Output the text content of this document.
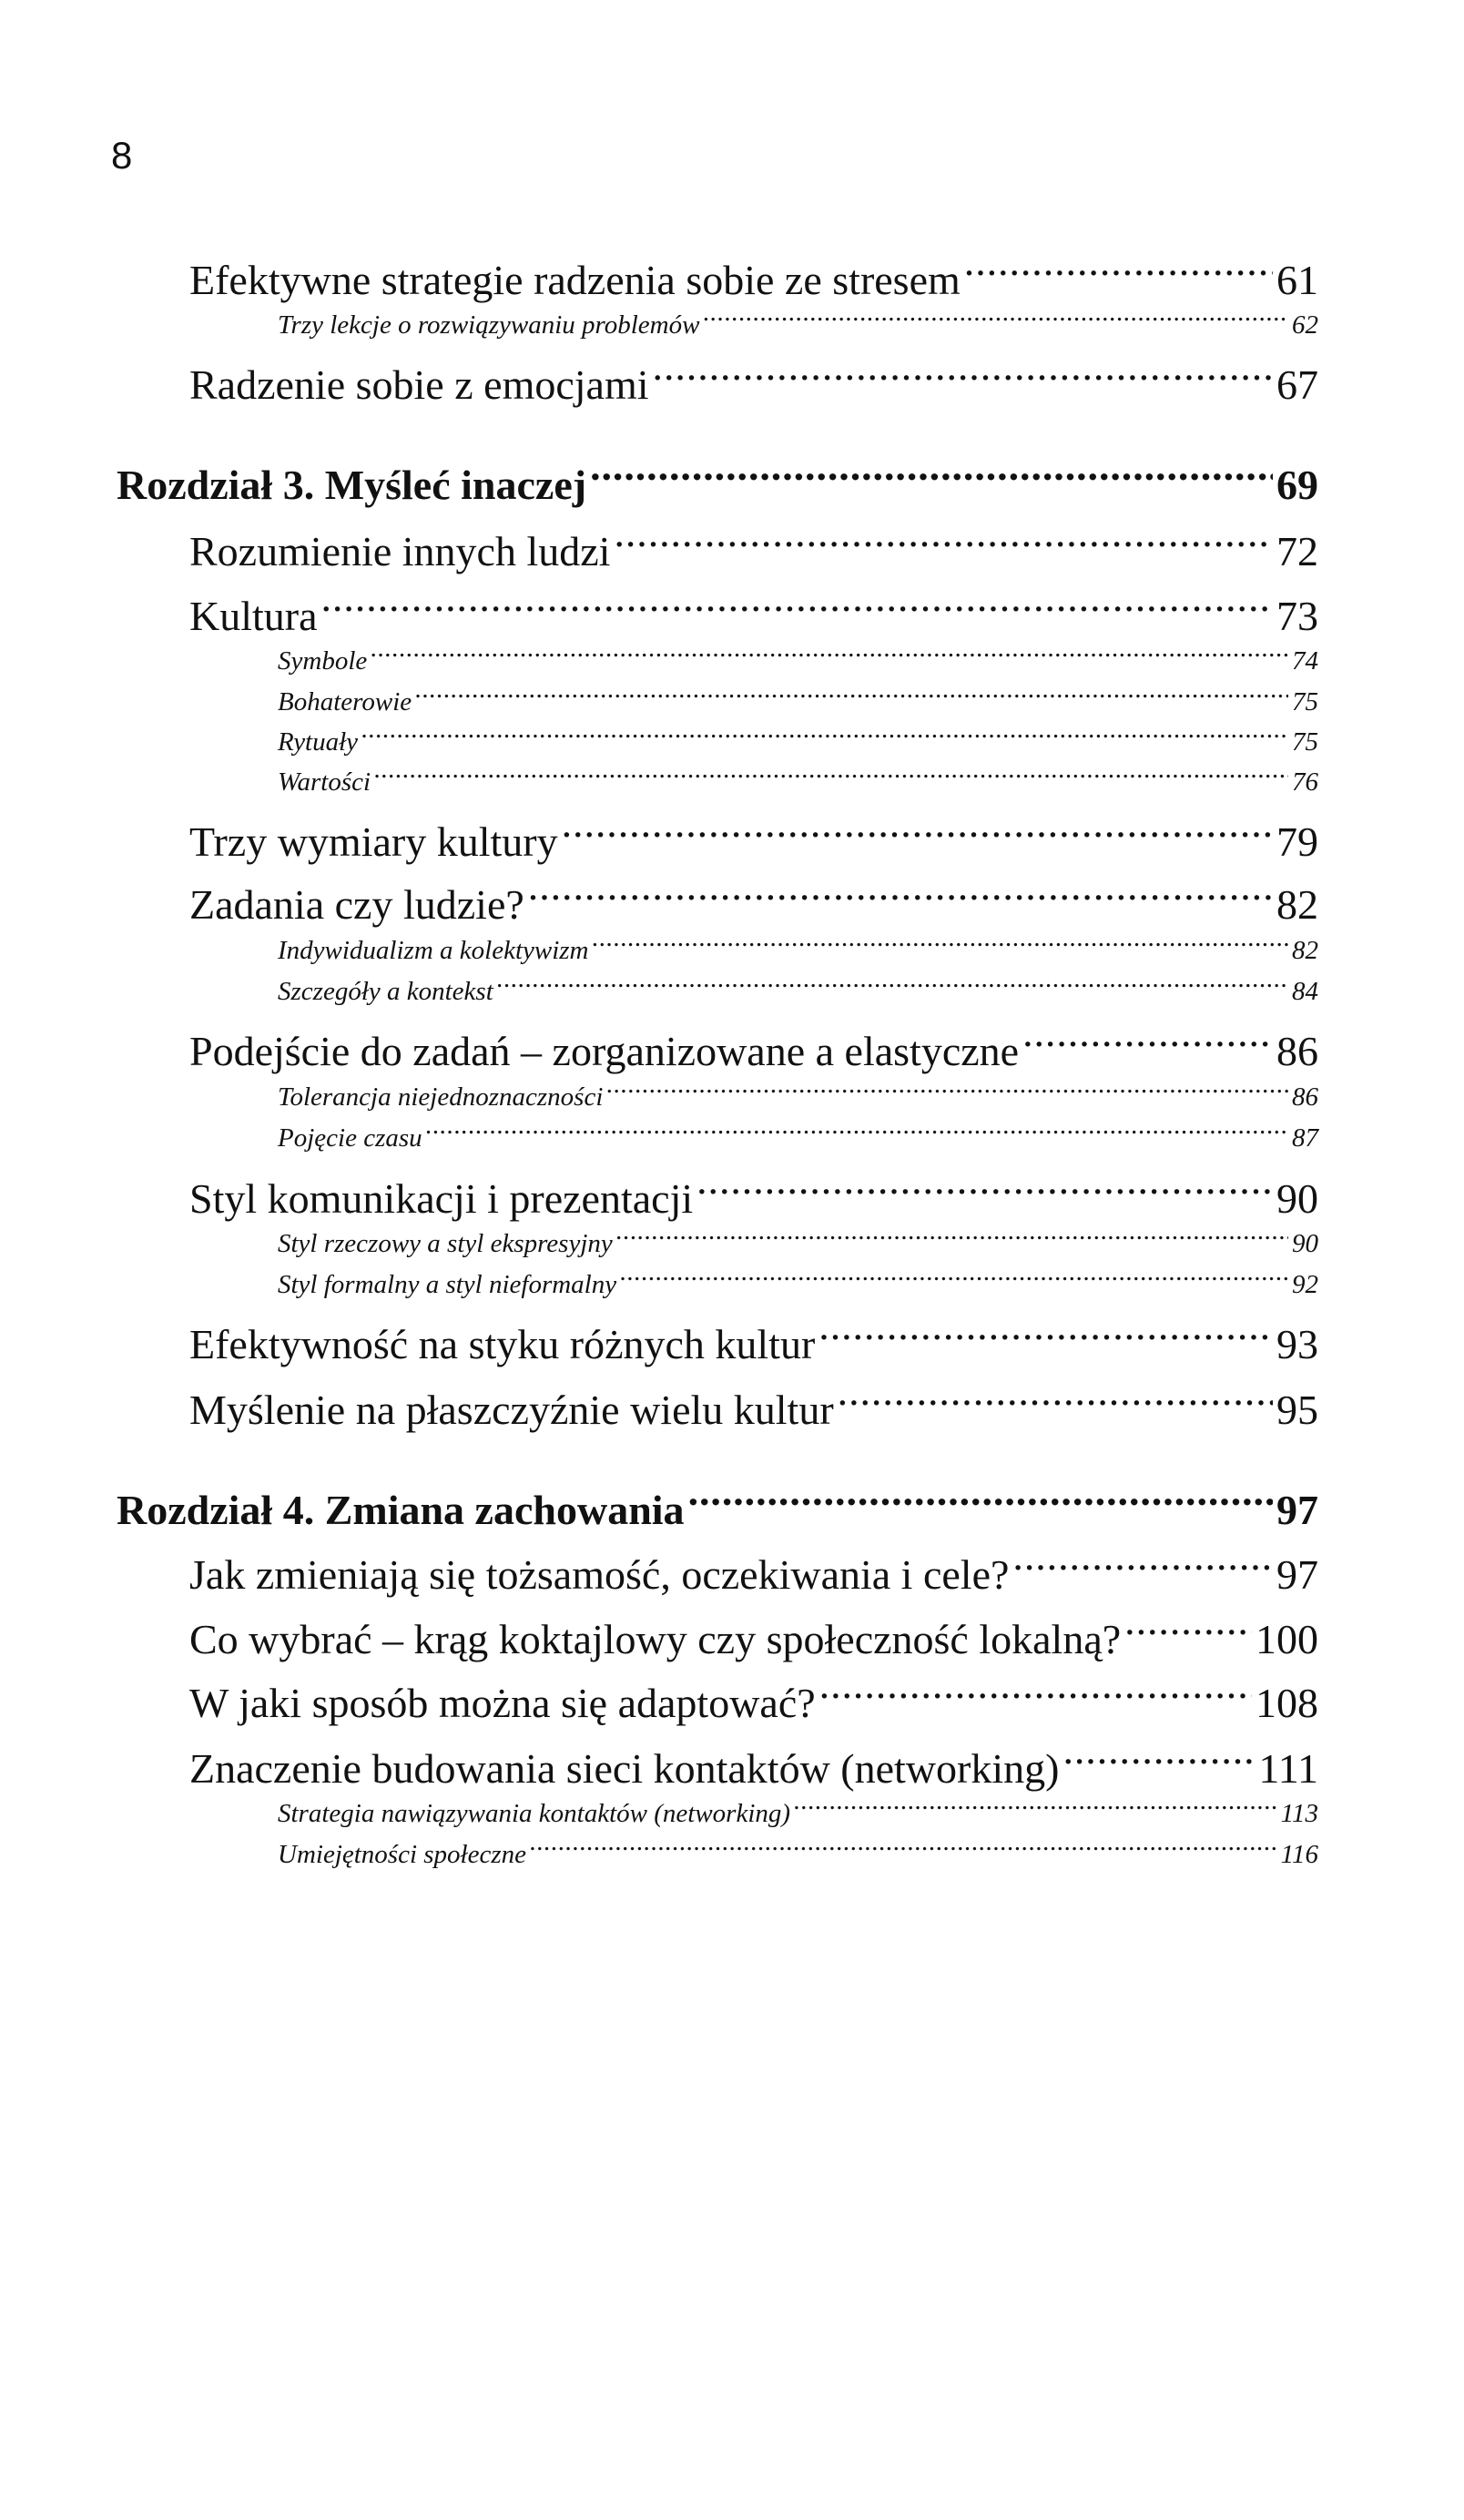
8
Efektywne strategie radzenia sobie ze stresem .....	61
Trzy lekcje o rozwiązywaniu problemów .....	62
Radzenie sobie z emocjami .....	67
Rozdział 3. Myśleć inaczej .....	69
Rozumienie innych ludzi .....	72
Kultura .....	73
Symbole .....	74
Bohaterowie .....	75
Rytuały .....	75
Wartości .....	76
Trzy wymiary kultury .....	79
Zadania czy ludzie? .....	82
Indywidualizm a kolektywizm .....	82
Szczegóły a kontekst .....	84
Podejście do zadań – zorganizowane a elastyczne .....	86
Tolerancja niejednoznaczności .....	86
Pojęcie czasu .....	87
Styl komunikacji i prezentacji .....	90
Styl rzeczowy a styl ekspresyjny .....	90
Styl formalny a styl nieformalny .....	92
Efektywność na styku różnych kultur .....	93
Myślenie na płaszczyźnie wielu kultur .....	95
Rozdział 4. Zmiana zachowania .....	97
Jak zmieniają się tożsamość, oczekiwania i cele? .....	97
Co wybrać – krąg koktajlowy czy społeczność lokalną? .....	100
W jaki sposób można się adaptować? .....	108
Znaczenie budowania sieci kontaktów (networking) .....	111
Strategia nawiązywania kontaktów (networking) .....	113
Umiejętności społeczne .....	116
